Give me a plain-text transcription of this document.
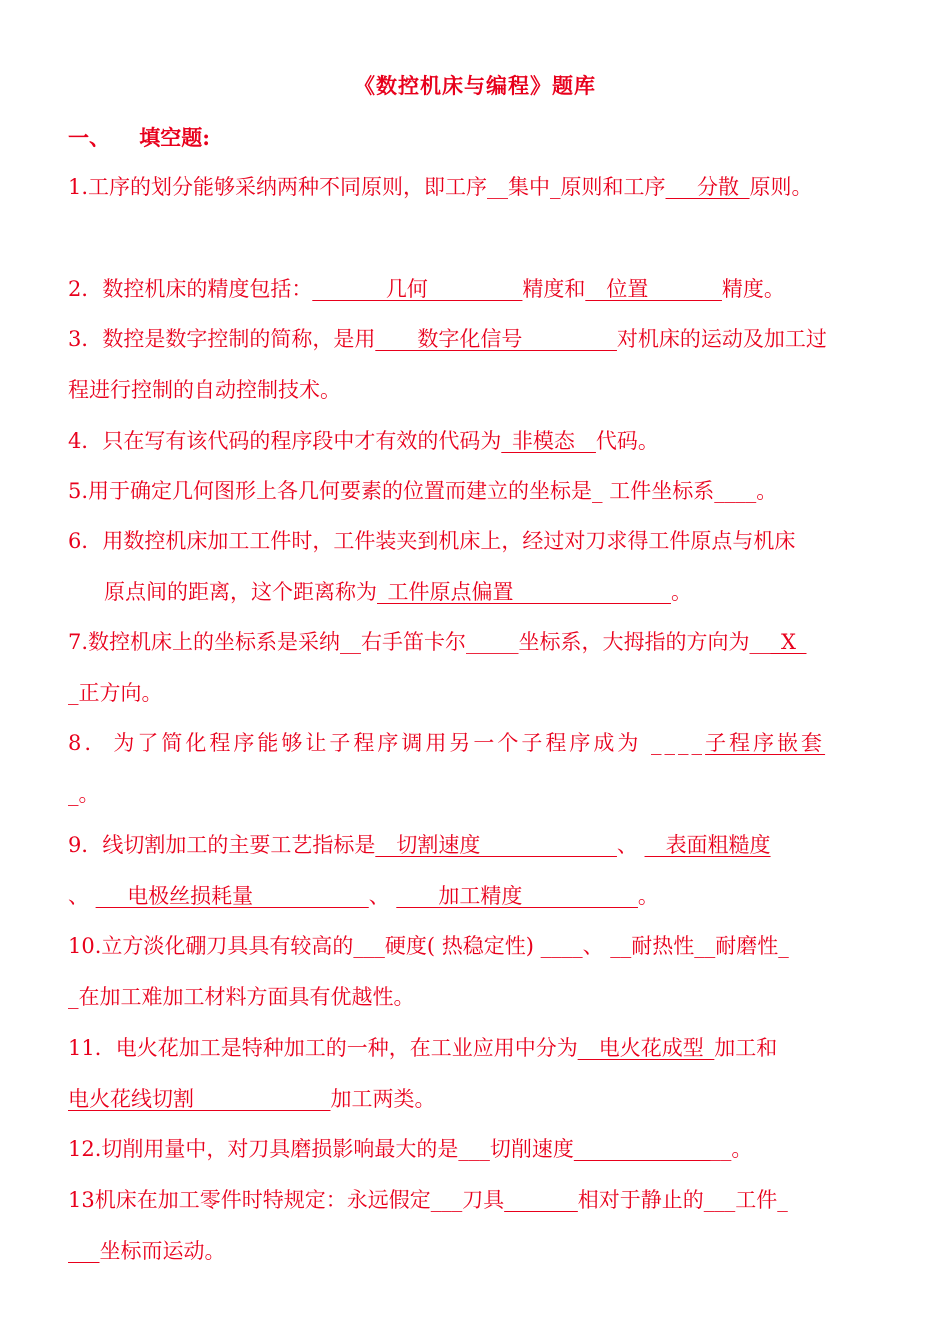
《数控机床与编程》题库
一、 填空题:
1.工序的划分能够采纳两种不同原则，即工序__集中_原则和工序___分散_原则。
2．数控机床的精度包括：_______几何_________精度和__位置_______精度。
3．数控是数字控制的简称，是用____数字化信号_________对机床的运动及加工过
程进行控制的自动控制技术。
4．只在写有该代码的程序段中才有效的代码为_非模态__代码。
5.用于确定几何图形上各几何要素的位置而建立的坐标是_ 工件坐标系____。
6．用数控机床加工工件时，工件装夹到机床上，经过对刀求得工件原点与机床
原点间的距离，这个距离称为_工件原点偏置_______________。
7.数控机床上的坐标系是采纳__右手笛卡尔_____坐标系，大拇指的方向为___X_
_正方向。
8.  为了简化程序能够让子程序调用另一个子程序成为 ____子程序嵌套
_。
9．线切割加工的主要工艺指标是__切割速度_____________、 __表面粗糙度
、 ___电极丝损耗量___________、 ____加工精度___________。
10.立方淡化硼刀具具有较高的___硬度( 热稳定性) ____、 __耐热性__耐磨性_
_在加工难加工材料方面具有优越性。
11．电火花加工是特种加工的一种，在工业应用中分为__电火花成型_加工和
电火花线切割_____________加工两类。
12.切削用量中，对刀具磨损影响最大的是___切削速度_______________。
13机床在加工零件时特规定：永远假定___刀具_______相对于静止的___工件_
___坐标而运动。
